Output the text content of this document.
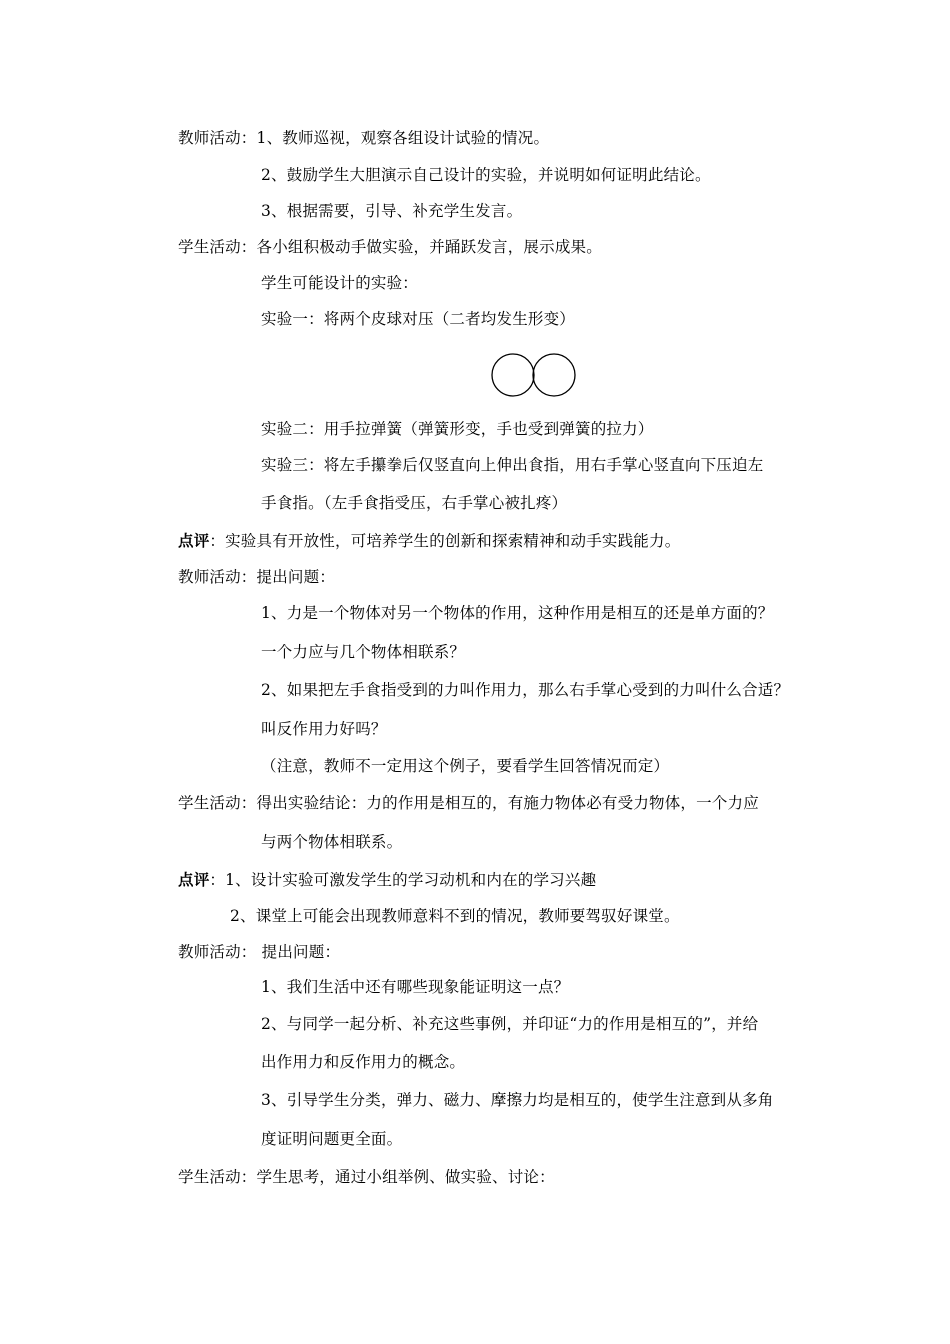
教师活动：1、教师巡视，观察各组设计试验的情况。
2、鼓励学生大胆演示自己设计的实验，并说明如何证明此结论。
3、根据需要，引导、补充学生发言。
学生活动：各小组积极动手做实验，并踊跃发言，展示成果。
学生可能设计的实验：
实验一：将两个皮球对压（二者均发生形变）
实验二：用手拉弹簧（弹簧形变，手也受到弹簧的拉力）
实验三：将左手攥拳后仅竖直向上伸出食指，用右手掌心竖直向下压迫左
手食指。（左手食指受压，右手掌心被扎疼）
点评：实验具有开放性，可培养学生的创新和探索精神和动手实践能力。
教师活动：提出问题：
1、力是一个物体对另一个物体的作用，这种作用是相互的还是单方面的？
一个力应与几个物体相联系？
2、如果把左手食指受到的力叫作用力，那么右手掌心受到的力叫什么合适？
叫反作用力好吗？
（注意，教师不一定用这个例子，要看学生回答情况而定）
学生活动：得出实验结论：力的作用是相互的，有施力物体必有受力物体，一个力应
与两个物体相联系。
点评：1、设计实验可激发学生的学习动机和内在的学习兴趣
2、课堂上可能会出现教师意料不到的情况，教师要驾驭好课堂。
教师活动： 提出问题：
1、我们生活中还有哪些现象能证明这一点？
2、与同学一起分析、补充这些事例，并印证“力的作用是相互的”，并给
出作用力和反作用力的概念。
3、引导学生分类，弹力、磁力、摩擦力均是相互的，使学生注意到从多角
度证明问题更全面。
学生活动：学生思考，通过小组举例、做实验、讨论：
